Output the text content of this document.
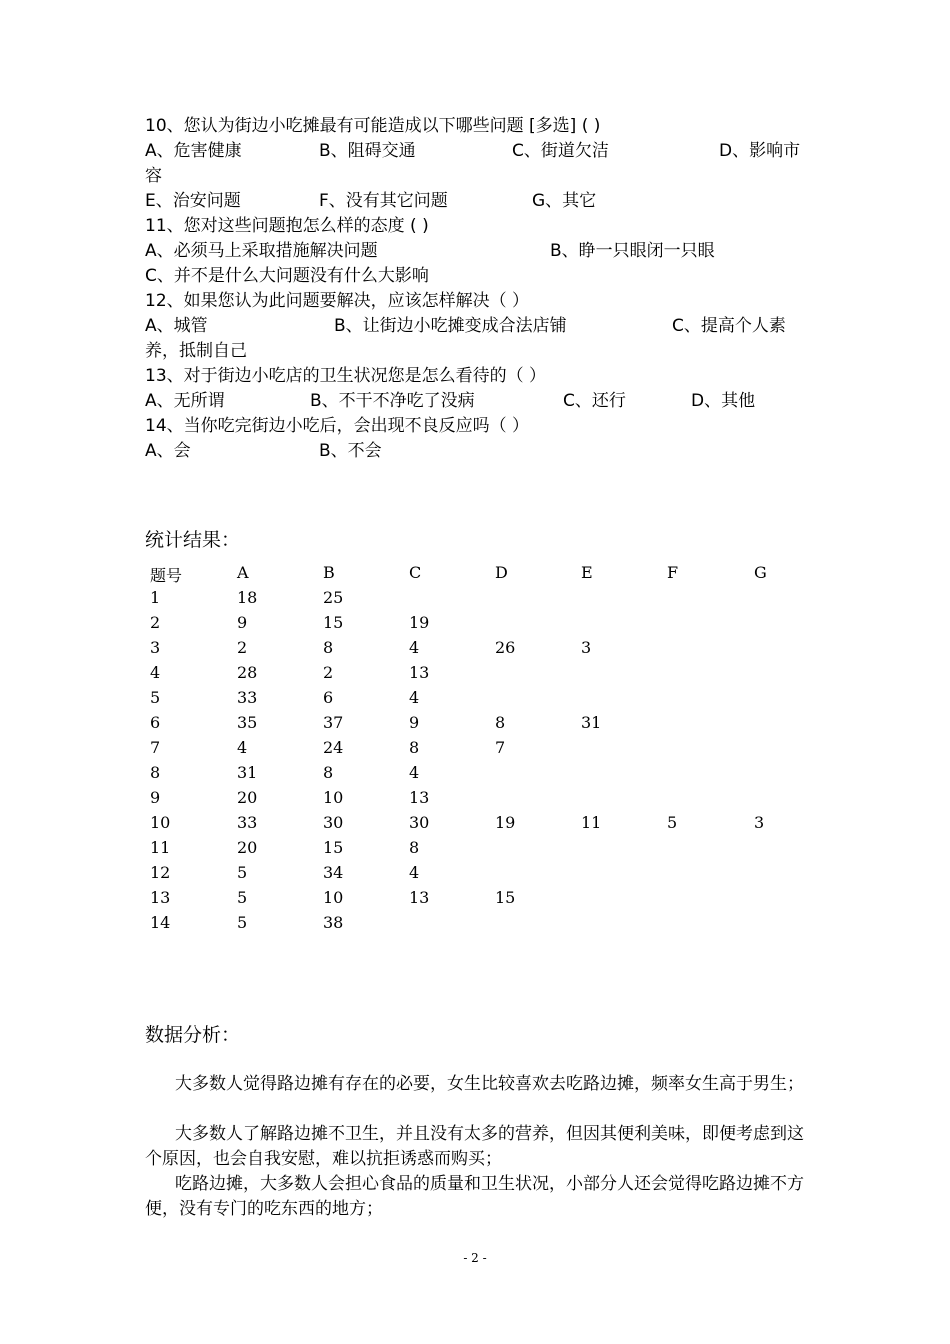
10、您认为街边小吃摊最有可能造成以下哪些问题 [多选] ( )
A、危害健康	B、阻碍交通	C、街道欠洁	D、影响市
容
E、治安问题	F、没有其它问题	G、其它
11、您对这些问题抱怎么样的态度 ( )
A、必须马上采取措施解决问题	B、睁一只眼闭一只眼
C、并不是什么大问题没有什么大影响
12、如果您认为此问题要解决，应该怎样解决（ ）
A、城管	B、让街边小吃摊变成合法店铺	C、提高个人素
养，抵制自己
13、对于街边小吃店的卫生状况您是怎么看待的（ ）
A、无所谓	B、不干不净吃了没病	C、还行	D、其他
14、当你吃完街边小吃后，会出现不良反应吗（ ）
A、会	B、不会
统计结果：
题号	A	B	C	D	E	F	G
1	18	25
2	9	15	19
3	2	8	4	26	3
4	28	2	13
5	33	6	4
6	35	37	9	8	31
7	4	24	8	7
8	31	8	4
9	20	10	13
10	33	30	30	19	11	5	3
11	20	15	8
12	5	34	4
13	5	10	13	15
14	5	38
数据分析：
大多数人觉得路边摊有存在的必要，女生比较喜欢去吃路边摊，频率女生高于男生；
大多数人了解路边摊不卫生，并且没有太多的营养，但因其便利美味，即便考虑到这个原因，也会自我安慰，难以抗拒诱惑而购买；
吃路边摊，大多数人会担心食品的质量和卫生状况，小部分人还会觉得吃路边摊不方便，没有专门的吃东西的地方；
- 2 -
